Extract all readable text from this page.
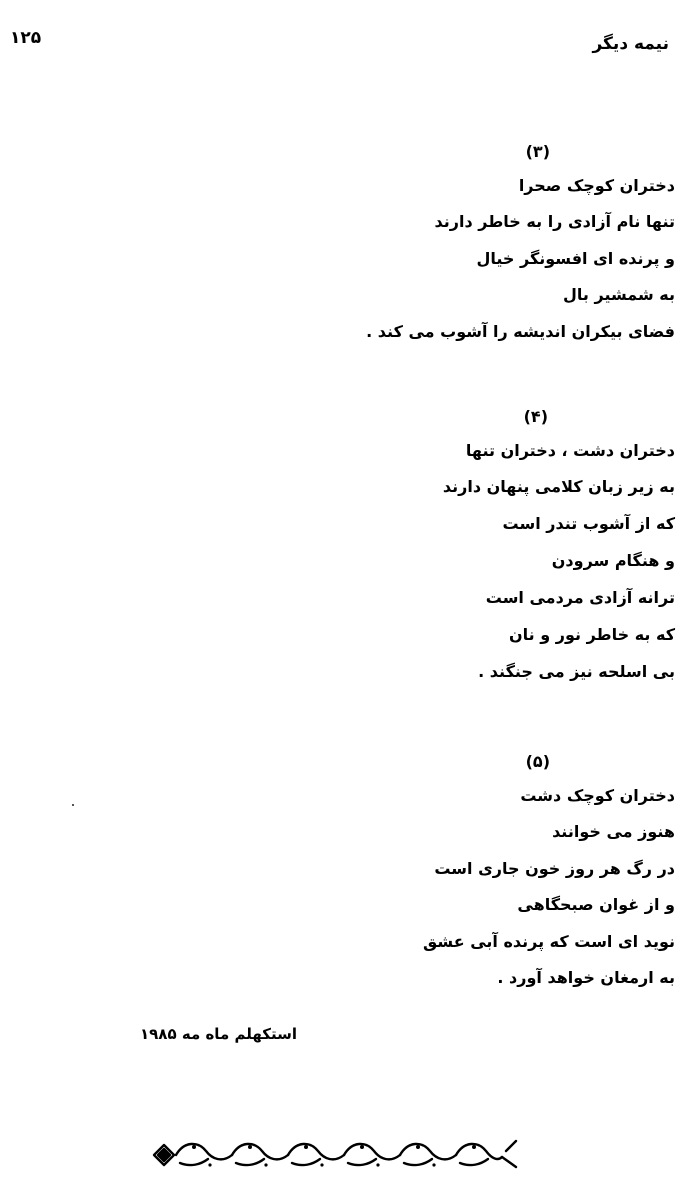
۱۲۵	نیمه دیگر
(۳)
دختران کوچک صحرا
تنها نام آزادی را به خاطر دارند
و پرنده ای افسونگر خیال
به شمشیر بال
فضای بیکران اندیشه را آشوب می کند .
(۴)
دختران دشت ، دختران تنها
به زیر زبان کلامی پنهان دارند
که از آشوب تندر است
و هنگام سرودن
ترانه آزادی مردمی است
که به خاطر نور و نان
بی اسلحه نیز می جنگند .
(۵)
دختران کوچک دشت
هنوز می خوانند
در رگ هر روز خون جاری است
و از غوان صبحگاهی
نوید ای است که پرنده آبی عشق
به ارمغان خواهد آورد .
استکهلم ماه مه ۱۹۸۵
